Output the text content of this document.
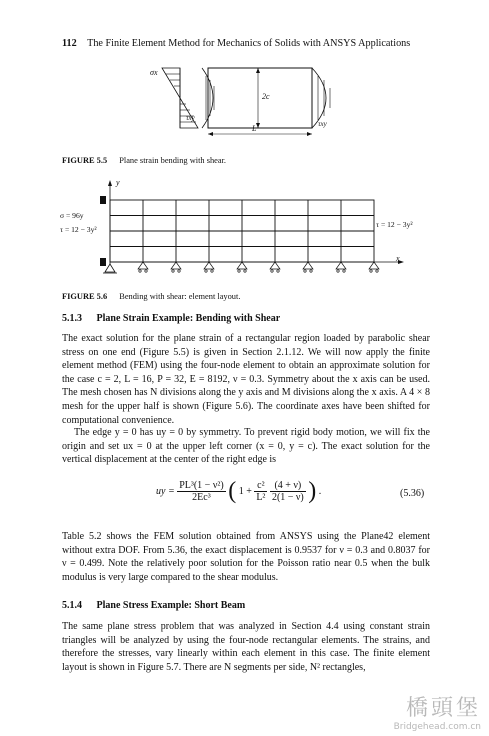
112 The Finite Element Method for Mechanics of Solids with ANSYS Applications
σx
τxy
τxy
2c
L
FIGURE 5.5 Plane strain bending with shear.
y
x
σ = 96y
τ = 12 − 3y²
τ = 12 − 3y²
FIGURE 5.6 Bending with shear: element layout.
5.1.3 Plane Strain Example: Bending with Shear

The exact solution for the plane strain of a rectangular region loaded by parabolic shear stress on one end (Figure 5.5) is given in Section 2.1.12. We will now apply the finite element method (FEM) using the four-node element to obtain an approximate solution for the case c = 2, L = 16, P = 32, E = 8192, ν = 0.3. Symmetry about the x axis can be used. The mesh chosen has N divisions along the y axis and M divisions along the x axis. A 4 × 8 mesh for the upper half is shown (Figure 5.6). The coordinate axes have been shifted for computational convenience.

The edge y = 0 has uy = 0 by symmetry. To prevent rigid body motion, we will fix the origin and set ux = 0 at the upper left corner (x = 0, y = c). The exact solution for the vertical displacement at the center of the right edge is

uy = $\frac{\text{PL³(1 − ν²)}}{\text{2Ec³}}$ ( $1 + \frac{\text{c²}}{\text{L²}}$
$\frac{(4 + \nu)}{2(1 - \nu)}$ ) .	(5.36)

Table 5.2 shows the FEM solution obtained from ANSYS using the Plane42 element without extra DOF. From 5.36, the exact displacement is 0.9537 for ν = 0.3 and 0.8037 for ν = 0.499. Note the relatively poor solution for the Poisson ratio near 0.5 when the bulk modulus is very large compared to the shear modulus.

5.1.4 Plane Stress Example: Short Beam

The same plane stress problem that was analyzed in Section 4.4 using constant strain triangles will be analyzed by using the four-node rectangular elements. The strains, and therefore the stresses, vary linearly within each element in this case. The finite element layout is shown in Figure 5.7. There are N segments per side, N² rectangles,

橋頭堡
Bridgehead.com.cn
